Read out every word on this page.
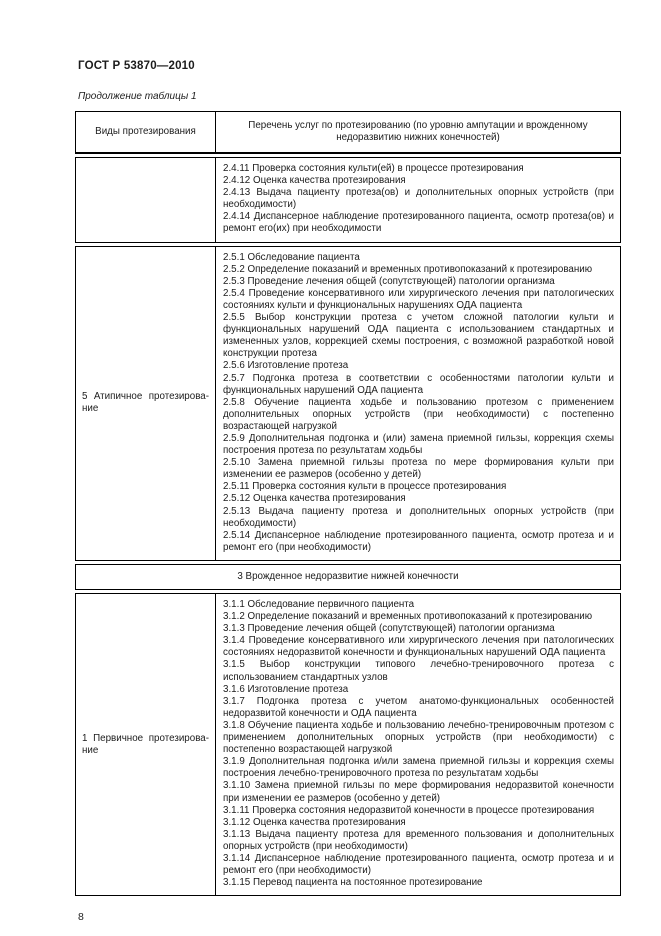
ГОСТ Р 53870—2010
Продолжение таблицы 1
Виды протезирования
Перечень услуг по протезированию (по уровню ампутации и врожденному недоразвитию нижних конечностей)
2.4.11 Проверка состояния культи(ей) в процессе протезирования
2.4.12 Оценка качества протезирования
2.4.13 Выдача пациенту протеза(ов) и дополнительных опорных устройств (при необходимости)
2.4.14 Диспансерное наблюдение протезированного пациента, осмотр протеза(ов) и ремонт его(их) при необходимости
5 Атипичное протезирова-
ние
2.5.1 Обследование пациента
2.5.2 Определение показаний и временных противопоказаний к протезированию
2.5.3 Проведение лечения общей (сопутствующей) патологии организма
2.5.4 Проведение консервативного или хирургического лечения при патологических состояниях культи и функциональных нарушениях ОДА пациента
2.5.5 Выбор конструкции протеза с учетом сложной патологии культи и функциональных нарушений ОДА пациента с использованием стандартных и измененных узлов, коррекцией схемы построения, с возможной разработкой новой конструкции протеза
2.5.6 Изготовление протеза
2.5.7 Подгонка протеза в соответствии с особенностями патологии культи и функциональных нарушений ОДА пациента
2.5.8 Обучение пациента ходьбе и пользованию протезом с применением дополнительных опорных устройств (при необходимости) с постепенно возрастающей нагрузкой
2.5.9 Дополнительная подгонка и (или) замена приемной гильзы, коррекция схемы построения протеза по результатам ходьбы
2.5.10 Замена приемной гильзы протеза по мере формирования культи при изменении ее размеров (особенно у детей)
2.5.11 Проверка состояния культи в процессе протезирования
2.5.12 Оценка качества протезирования
2.5.13 Выдача пациенту протеза и дополнительных опорных устройств (при необходимости)
2.5.14 Диспансерное наблюдение протезированного пациента, осмотр протеза и и ремонт его (при необходимости)
3 Врожденное недоразвитие нижней конечности
1 Первичное протезирова-
ние
3.1.1 Обследование первичного пациента
3.1.2 Определение показаний и временных противопоказаний к протезированию
3.1.3 Проведение лечения общей (сопутствующей) патологии организма
3.1.4 Проведение консервативного или хирургического лечения при патологических состояниях недоразвитой конечности и функциональных нарушений ОДА пациента
3.1.5 Выбор конструкции типового лечебно-тренировочного протеза с использованием стандартных узлов
3.1.6 Изготовление протеза
3.1.7 Подгонка протеза с учетом анатомо-функциональных особенностей недоразвитой конечности и ОДА пациента
3.1.8 Обучение пациента ходьбе и пользованию лечебно-тренировочным протезом с применением дополнительных опорных устройств (при необходимости) с постепенно возрастающей нагрузкой
3.1.9 Дополнительная подгонка и/или замена приемной гильзы и коррекция схемы построения лечебно-тренировочного протеза по результатам ходьбы
3.1.10 Замена приемной гильзы по мере формирования недоразвитой конечности при изменении ее размеров (особенно у детей)
3.1.11 Проверка состояния недоразвитой конечности в процессе протезирования
3.1.12 Оценка качества протезирования
3.1.13 Выдача пациенту протеза для временного пользования и дополнительных опорных устройств (при необходимости)
3.1.14 Диспансерное наблюдение протезированного пациента, осмотр протеза и и ремонт его (при необходимости)
3.1.15 Перевод пациента на постоянное протезирование
8
